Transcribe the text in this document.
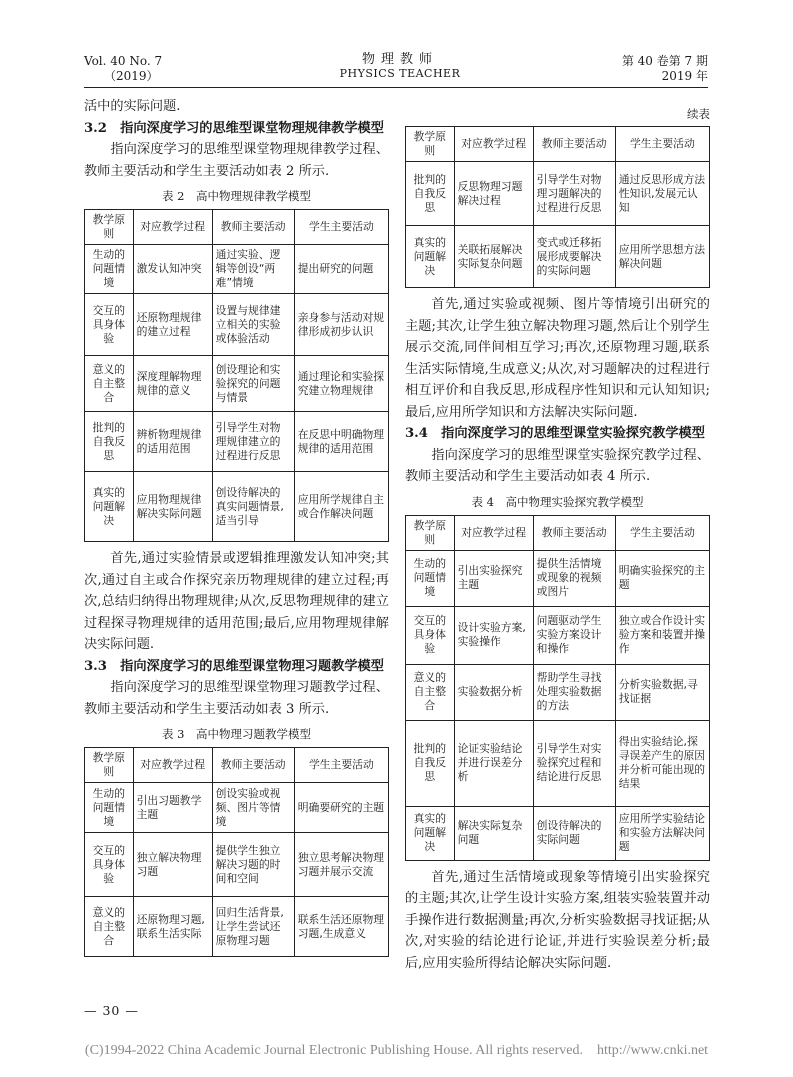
Vol. 40 No. 7
（2019）
物理教师
PHYSICS TEACHER
第 40 卷第 7 期
2019 年

活中的实际问题.

3.2　指向深度学习的思维型课堂物理规律教学模型

指向深度学习的思维型课堂物理规律教学过程、教师主要活动和学生主要活动如表 2 所示.

表 2　高中物理规律教学模型
教学原则	对应教学过程	教师主要活动	学生主要活动
生动的问题情境	激发认知冲突	通过实验、逻辑等创设“两难”情境	提出研究的问题
交互的具身体验	还原物理规律的建立过程	设置与规律建立相关的实验或体验活动	亲身参与活动对规律形成初步认识
意义的自主整合	深度理解物理规律的意义	创设理论和实验探究的问题与情景	通过理论和实验探究建立物理规律
批判的自我反思	辨析物理规律的适用范围	引导学生对物理规律建立的过程进行反思	在反思中明确物理规律的适用范围
真实的问题解决	应用物理规律解决实际问题	创设待解决的真实问题情景,适当引导	应用所学规律自主或合作解决问题

首先,通过实验情景或逻辑推理激发认知冲突;其次,通过自主或合作探究亲历物理规律的建立过程;再次,总结归纳得出物理规律;从次,反思物理规律的建立过程探寻物理规律的适用范围;最后,应用物理规律解决实际问题.

3.3　指向深度学习的思维型课堂物理习题教学模型

指向深度学习的思维型课堂物理习题教学过程、教师主要活动和学生主要活动如表 3 所示.

表 3　高中物理习题教学模型
教学原则	对应教学过程	教师主要活动	学生主要活动
生动的问题情境	引出习题教学主题	创设实验或视频、图片等情境	明确要研究的主题
交互的具身体验	独立解决物理习题	提供学生独立解决习题的时间和空间	独立思考解决物理习题并展示交流
意义的自主整合	还原物理习题,联系生活实际	回归生活背景,让学生尝试还原物理习题	联系生活还原物理习题,生成意义
续表
教学原则	对应教学过程	教师主要活动	学生主要活动
批判的自我反思	反思物理习题解决过程	引导学生对物理习题解决的过程进行反思	通过反思形成方法性知识,发展元认知
真实的问题解决	关联拓展解决实际复杂问题	变式或迁移拓展形成要解决的实际问题	应用所学思想方法解决问题

首先,通过实验或视频、图片等情境引出研究的主题;其次,让学生独立解决物理习题,然后让个别学生展示交流,同伴间相互学习;再次,还原物理习题,联系生活实际情境,生成意义;从次,对习题解决的过程进行相互评价和自我反思,形成程序性知识和元认知知识;最后,应用所学知识和方法解决实际问题.

3.4　指向深度学习的思维型课堂实验探究教学模型

指向深度学习的思维型课堂实验探究教学过程、教师主要活动和学生主要活动如表 4 所示.

表 4　高中物理实验探究教学模型
教学原则	对应教学过程	教师主要活动	学生主要活动
生动的问题情境	引出实验探究主题	提供生活情境或现象的视频或图片	明确实验探究的主题
交互的具身体验	设计实验方案,实验操作	问题驱动学生实验方案设计和操作	独立或合作设计实验方案和装置并操作
意义的自主整合	实验数据分析	帮助学生寻找处理实验数据的方法	分析实验数据,寻找证据
批判的自我反思	论证实验结论并进行误差分析	引导学生对实验探究过程和结论进行反思	得出实验结论,探寻误差产生的原因并分析可能出现的结果
真实的问题解决	解决实际复杂问题	创设待解决的实际问题	应用所学实验结论和实验方法解决问题

首先,通过生活情境或现象等情境引出实验探究的主题;其次,让学生设计实验方案,组装实验装置并动手操作进行数据测量;再次,分析实验数据寻找证据;从次,对实验的结论进行论证,并进行实验误差分析;最后,应用实验所得结论解决实际问题.

— 30 —
(C)1994-2022 China Academic Journal Electronic Publishing House. All rights reserved.　http://www.cnki.net
